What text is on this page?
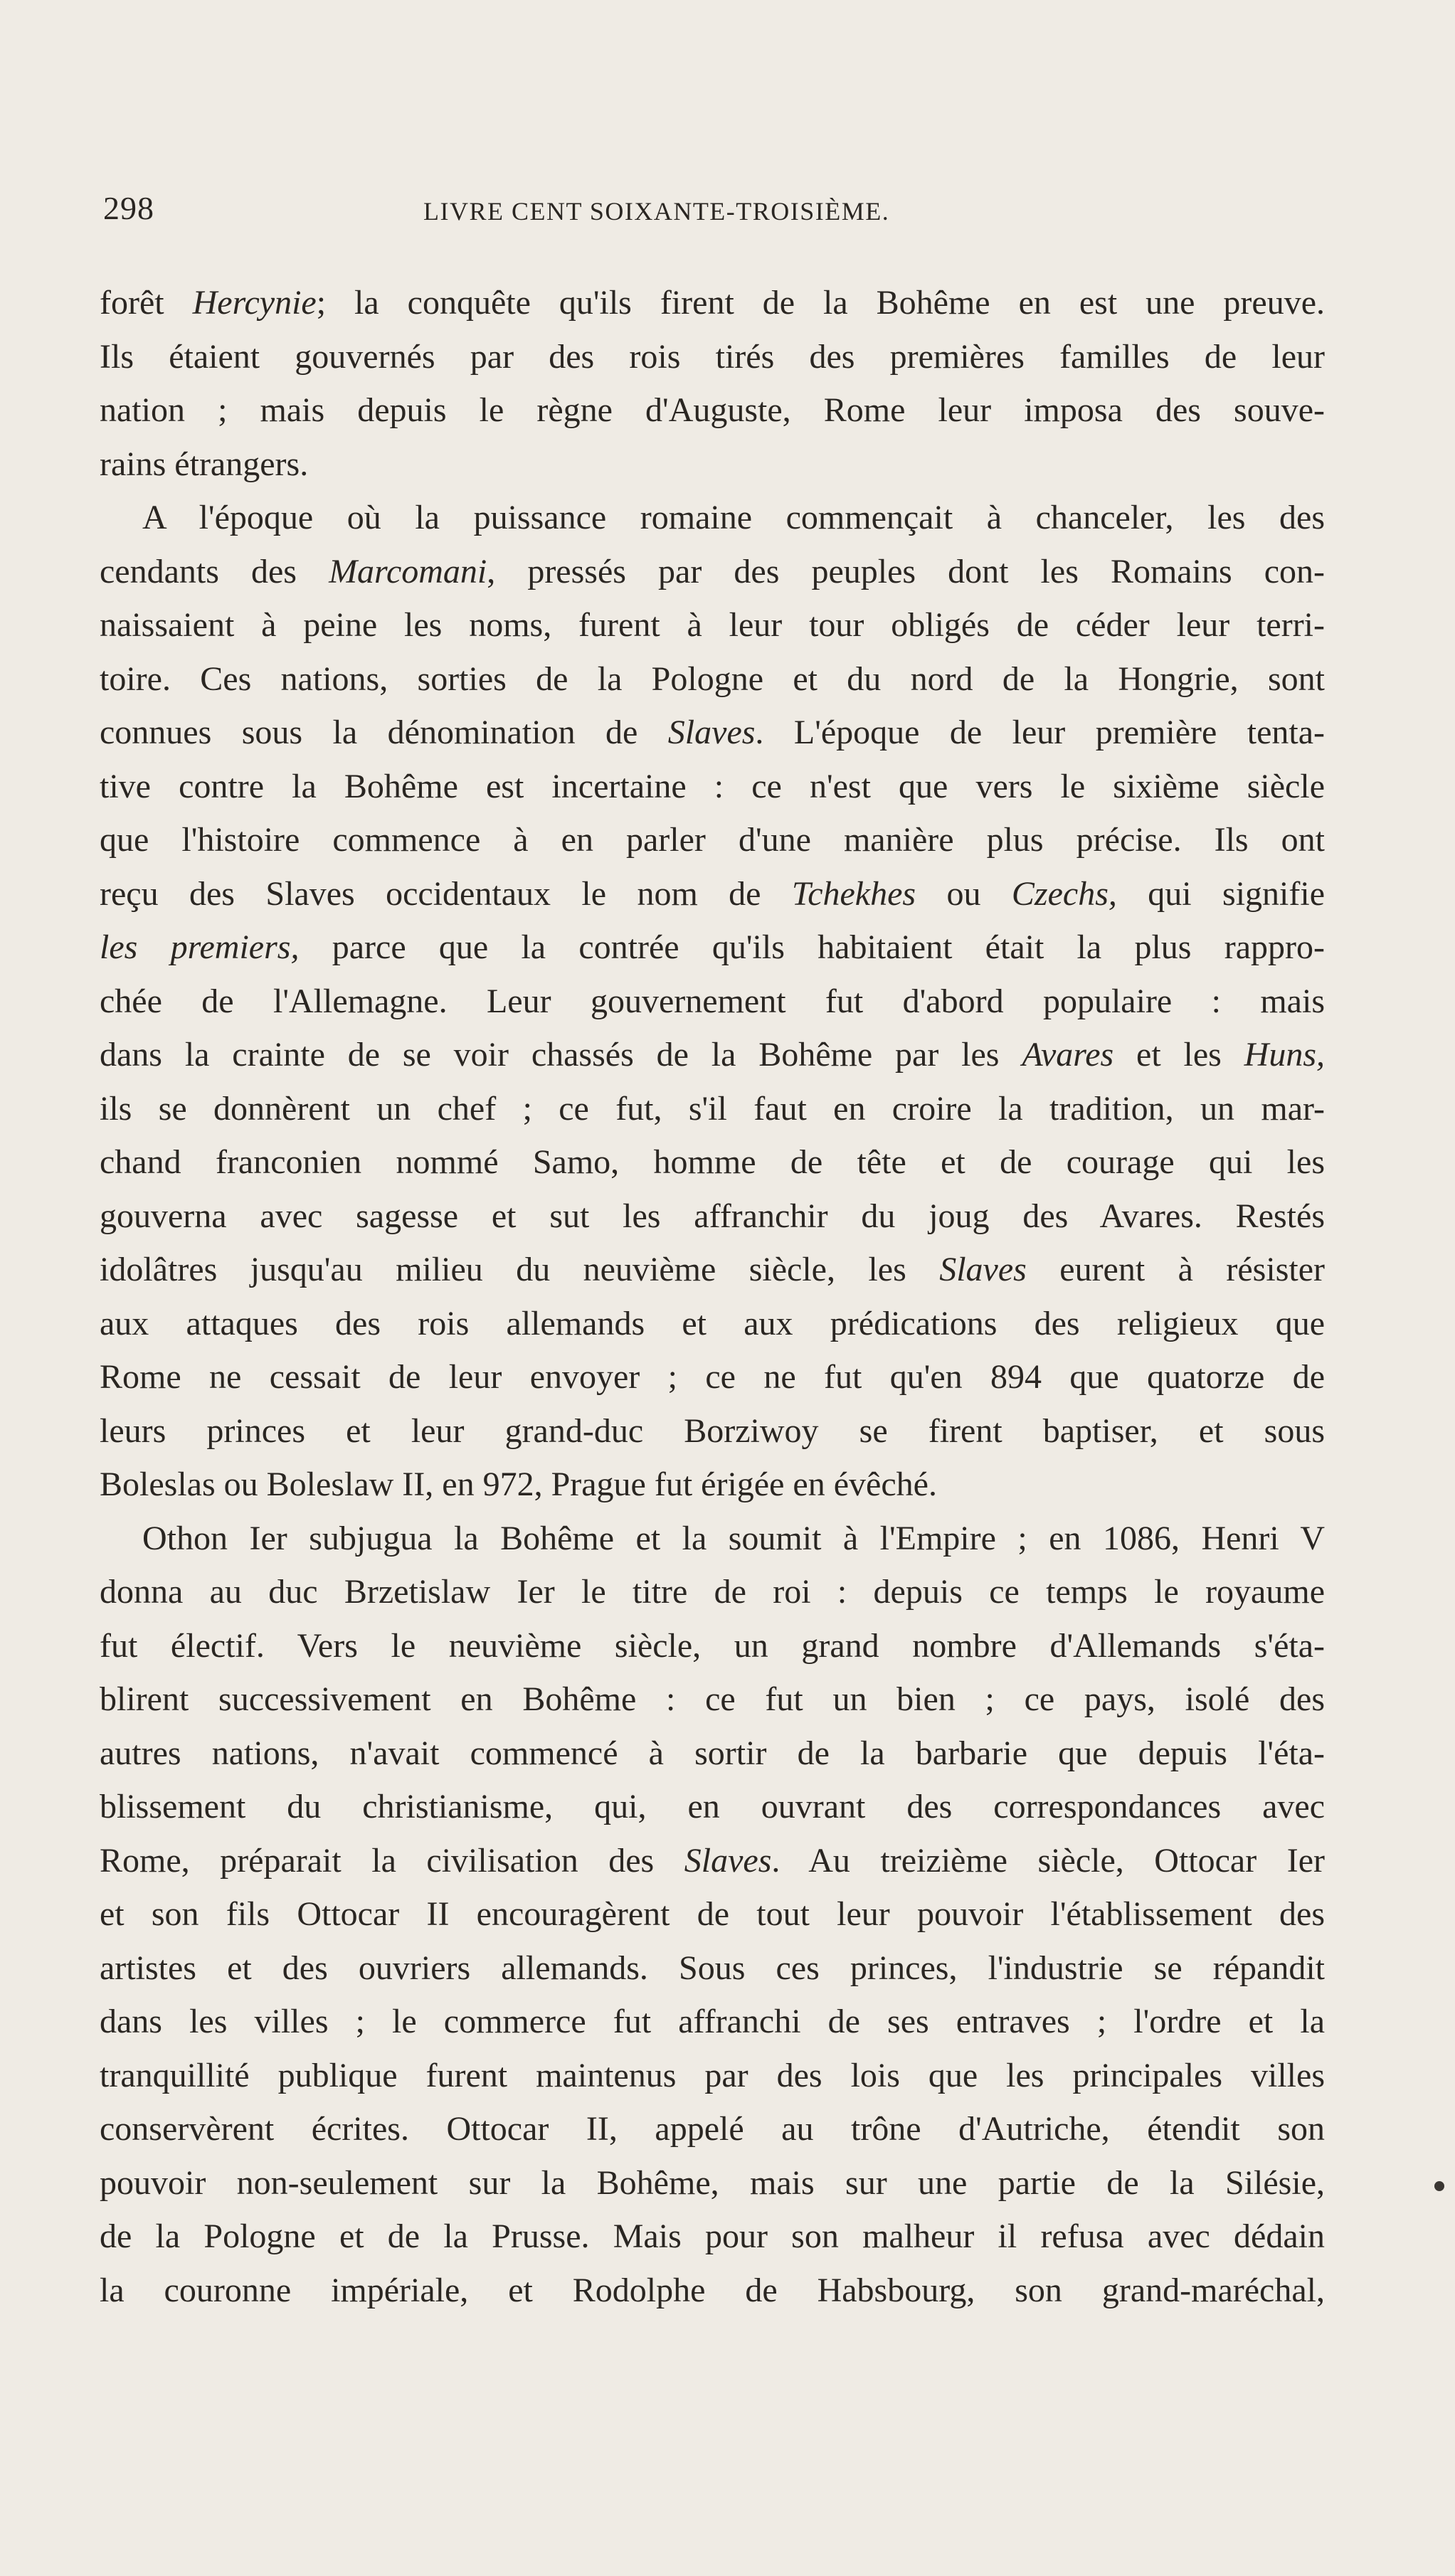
298	LIVRE CENT SOIXANTE-TROISIÈME.
forêt Hercynie; la conquête qu'ils firent de la Bohême en est une preuve.
Ils étaient gouvernés par des rois tirés des premières familles de leur
nation ; mais depuis le règne d'Auguste, Rome leur imposa des souve-
rains étrangers.
A l'époque où la puissance romaine commençait à chanceler, les des
cendants des Marcomani, pressés par des peuples dont les Romains con-
naissaient à peine les noms, furent à leur tour obligés de céder leur terri-
toire. Ces nations, sorties de la Pologne et du nord de la Hongrie, sont
connues sous la dénomination de Slaves. L'époque de leur première tenta-
tive contre la Bohême est incertaine : ce n'est que vers le sixième siècle
que l'histoire commence à en parler d'une manière plus précise. Ils ont
reçu des Slaves occidentaux le nom de Tchekhes ou Czechs, qui signifie
les premiers, parce que la contrée qu'ils habitaient était la plus rappro-
chée de l'Allemagne. Leur gouvernement fut d'abord populaire : mais
dans la crainte de se voir chassés de la Bohême par les Avares et les Huns,
ils se donnèrent un chef ; ce fut, s'il faut en croire la tradition, un mar-
chand franconien nommé Samo, homme de tête et de courage qui les
gouverna avec sagesse et sut les affranchir du joug des Avares. Restés
idolâtres jusqu'au milieu du neuvième siècle, les Slaves eurent à résister
aux attaques des rois allemands et aux prédications des religieux que
Rome ne cessait de leur envoyer ; ce ne fut qu'en 894 que quatorze de
leurs princes et leur grand-duc Borziwoy se firent baptiser, et sous
Boleslas ou Boleslaw II, en 972, Prague fut érigée en évêché.
Othon Ier subjugua la Bohême et la soumit à l'Empire ; en 1086, Henri V
donna au duc Brzetislaw Ier le titre de roi : depuis ce temps le royaume
fut électif. Vers le neuvième siècle, un grand nombre d'Allemands s'éta-
blirent successivement en Bohême : ce fut un bien ; ce pays, isolé des
autres nations, n'avait commencé à sortir de la barbarie que depuis l'éta-
blissement du christianisme, qui, en ouvrant des correspondances avec
Rome, préparait la civilisation des Slaves. Au treizième siècle, Ottocar Ier
et son fils Ottocar II encouragèrent de tout leur pouvoir l'établissement des
artistes et des ouvriers allemands. Sous ces princes, l'industrie se répandit
dans les villes ; le commerce fut affranchi de ses entraves ; l'ordre et la
tranquillité publique furent maintenus par des lois que les principales villes
conservèrent écrites. Ottocar II, appelé au trône d'Autriche, étendit son
pouvoir non-seulement sur la Bohême, mais sur une partie de la Silésie,
de la Pologne et de la Prusse. Mais pour son malheur il refusa avec dédain
la couronne impériale, et Rodolphe de Habsbourg, son grand-maréchal,
